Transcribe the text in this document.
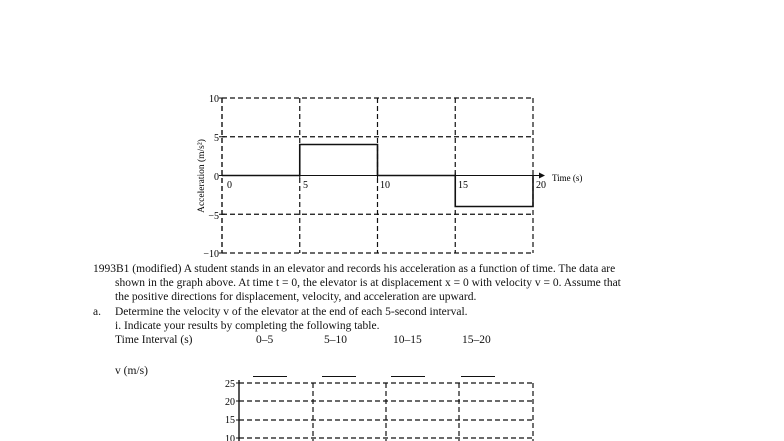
10
5
0
−5
−10
0	5	10	15	20
Time (s)
Acceleration (m/s²)
25
20
15
10
1993B1 (modified) A student stands in an elevator and records his acceleration as a function of time. The data are
shown in the graph above. At time t = 0, the elevator is at displacement x = 0 with velocity v = 0. Assume that
the positive directions for displacement, velocity, and acceleration are upward.
a. Determine the velocity v of the elevator at the end of each 5-second interval.
i. Indicate your results by completing the following table.
Time Interval (s)	0–5	5–10	10–15	15–20
v (m/s)
